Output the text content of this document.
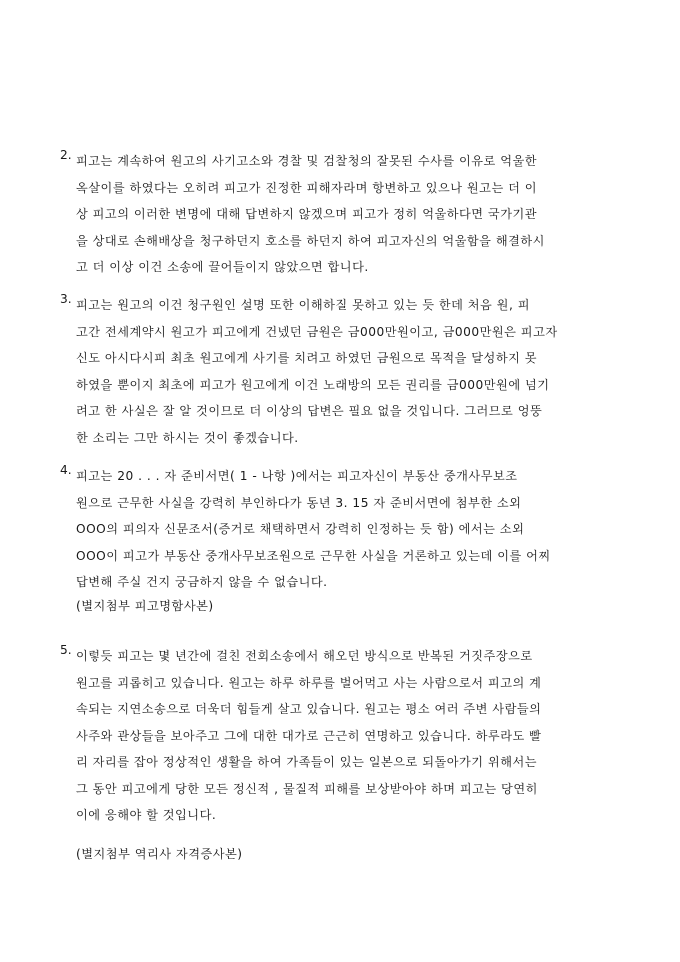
2. 피고는 계속하여 원고의 사기고소와 경찰 및 검찰청의 잘못된 수사를 이유로 억울한
옥살이를 하였다는 오히려 피고가 진정한 피해자라며 항변하고 있으나 원고는 더 이
상 피고의 이러한 변명에 대해 답변하지 않겠으며 피고가 정히 억울하다면 국가기관
을 상대로 손해배상을 청구하던지 호소를 하던지 하여 피고자신의 억울함을 해결하시
고 더 이상 이건 소송에 끌어들이지 않았으면 합니다.
3. 피고는 원고의 이건 청구원인 설명 또한 이해하질 못하고 있는 듯 한데 처음 원, 피
고간 전세계약시 원고가 피고에게 건넸던 금원은 금000만원이고, 금000만원은 피고자
신도 아시다시피 최초 원고에게 사기를 치려고 하였던 금원으로 목적을 달성하지 못
하였을 뿐이지 최초에 피고가 원고에게 이건 노래방의 모든 권리를 금000만원에 넘기
려고 한 사실은 잘 알 것이므로 더 이상의 답변은 필요 없을 것입니다. 그러므로 엉뚱
한 소리는 그만 하시는 것이 좋겠습니다.
4. 피고는 20 . . . 자 준비서면( 1 - 나항 )에서는 피고자신이 부동산 중개사무보조
원으로 근무한 사실을 강력히 부인하다가 동년 3. 15 자 준비서면에 첨부한 소외
OOO의 피의자 신문조서(증거로 채택하면서 강력히 인정하는 듯 함) 에서는 소외
OOO이 피고가 부동산 중개사무보조원으로 근무한 사실을 거론하고 있는데 이를 어찌
답변해 주실 건지 궁금하지 않을 수 없습니다.
(별지첨부 피고명함사본)
5. 이렇듯 피고는 몇 년간에 걸친 전회소송에서 해오던 방식으로 반복된 거짓주장으로
원고를 괴롭히고 있습니다. 원고는 하루 하루를 벌어먹고 사는 사람으로서 피고의 계
속되는 지연소송으로 더욱더 힘들게 살고 있습니다. 원고는 평소 여러 주변 사람들의
사주와 관상들을 보아주고 그에 대한 대가로 근근히 연명하고 있습니다. 하루라도 빨
리 자리를 잡아 정상적인 생활을 하여 가족들이 있는 일본으로 되돌아가기 위해서는
그 동안 피고에게 당한 모든 정신적 , 물질적 피해를 보상받아야 하며 피고는 당연히
이에 응해야 할 것입니다.
(별지첨부 역리사 자격증사본)
